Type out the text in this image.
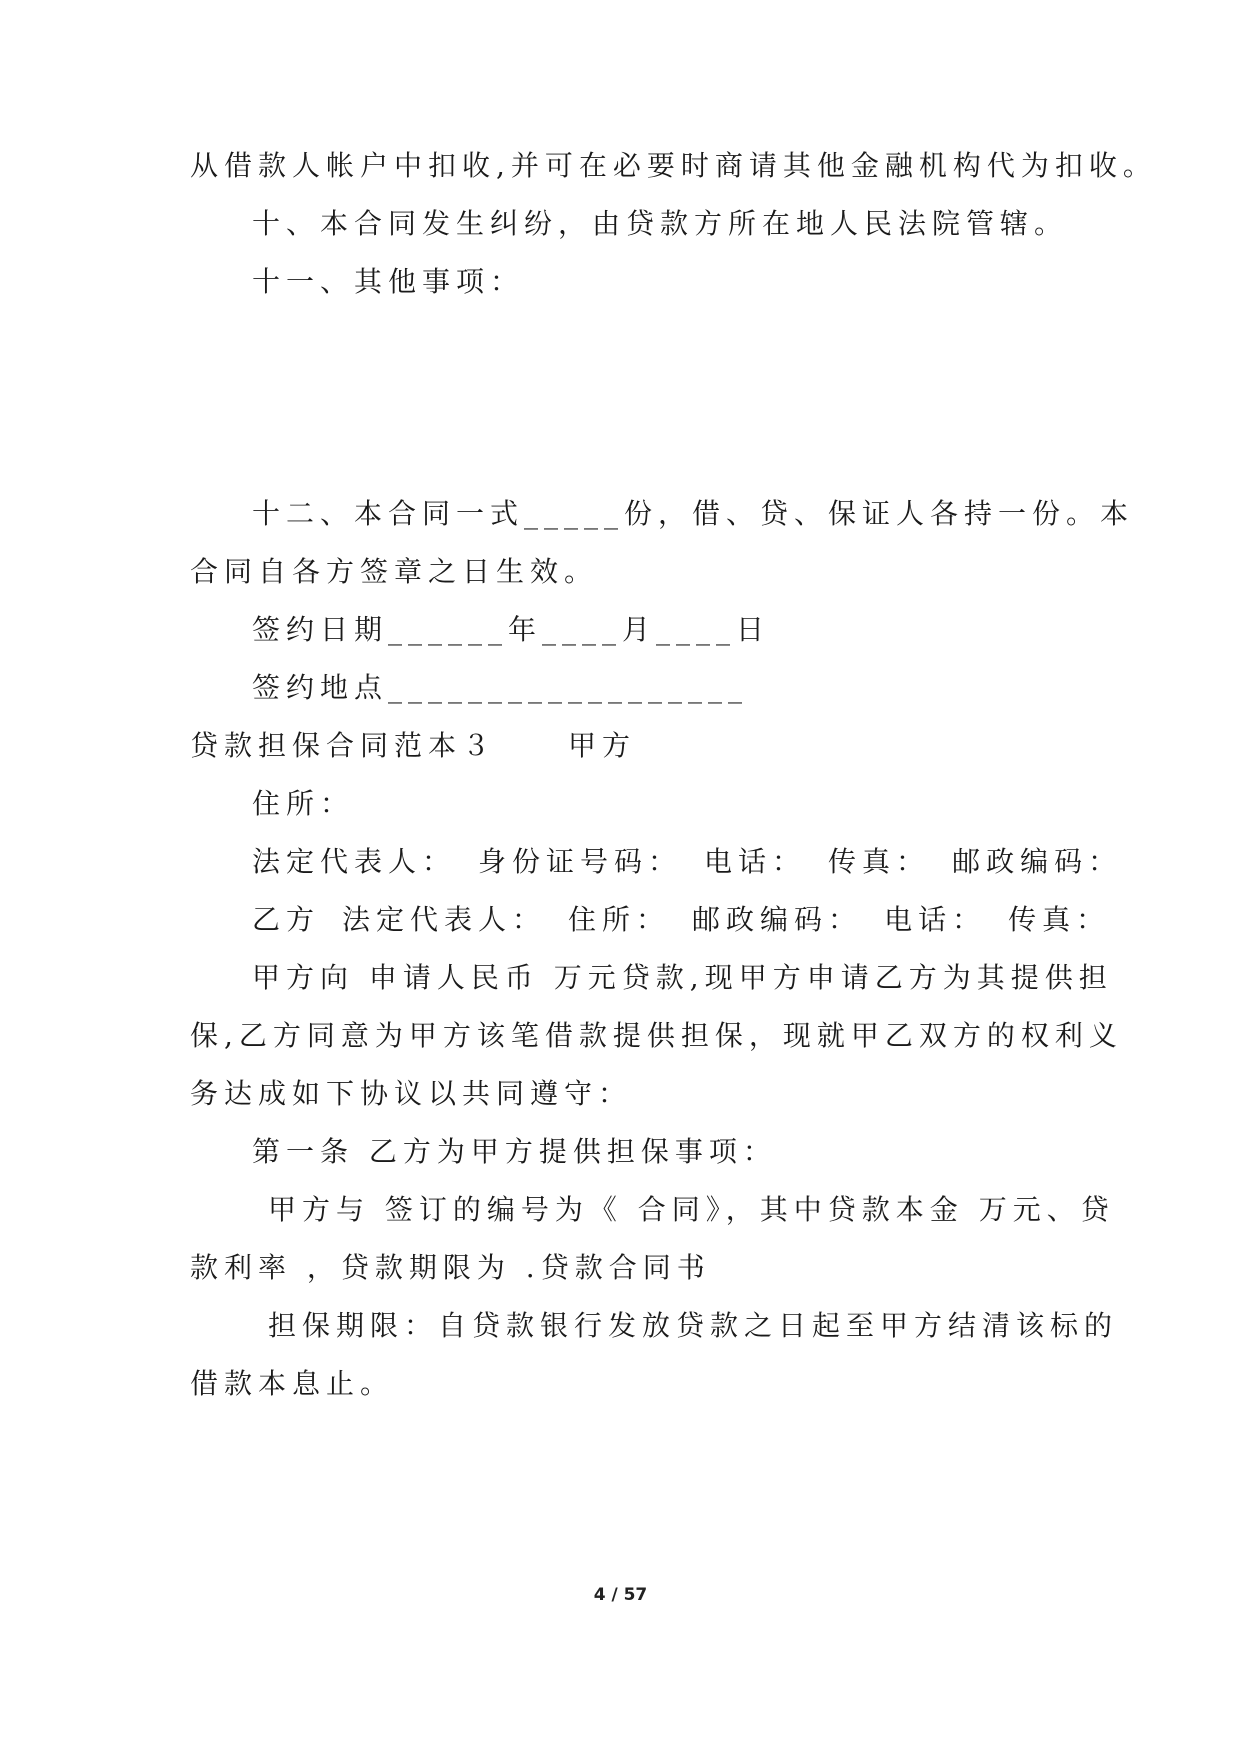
从借款人帐户中扣收,并可在必要时商请其他金融机构代为扣收。
十、本合同发生纠纷，由贷款方所在地人民法院管辖。
十一、其他事项：
十二、本合同一式_____份，借、贷、保证人各持一份。本
合同自各方签章之日生效。
签约日期______年____月____日
签约地点__________________
贷款担保合同范本３	甲方
住所：
法定代表人： 身份证号码： 电话： 传真： 邮政编码：
乙方 法定代表人： 住所： 邮政编码： 电话： 传真：
甲方向 申请人民币 万元贷款,现甲方申请乙方为其提供担
保,乙方同意为甲方该笔借款提供担保，现就甲乙双方的权利义
务达成如下协议以共同遵守：
第一条 乙方为甲方提供担保事项：
甲方与 签订的编号为《 合同》，其中贷款本金 万元、贷
款利率 ，贷款期限为 .贷款合同书
担保期限：自贷款银行发放贷款之日起至甲方结清该标的
借款本息止。
4 / 57
